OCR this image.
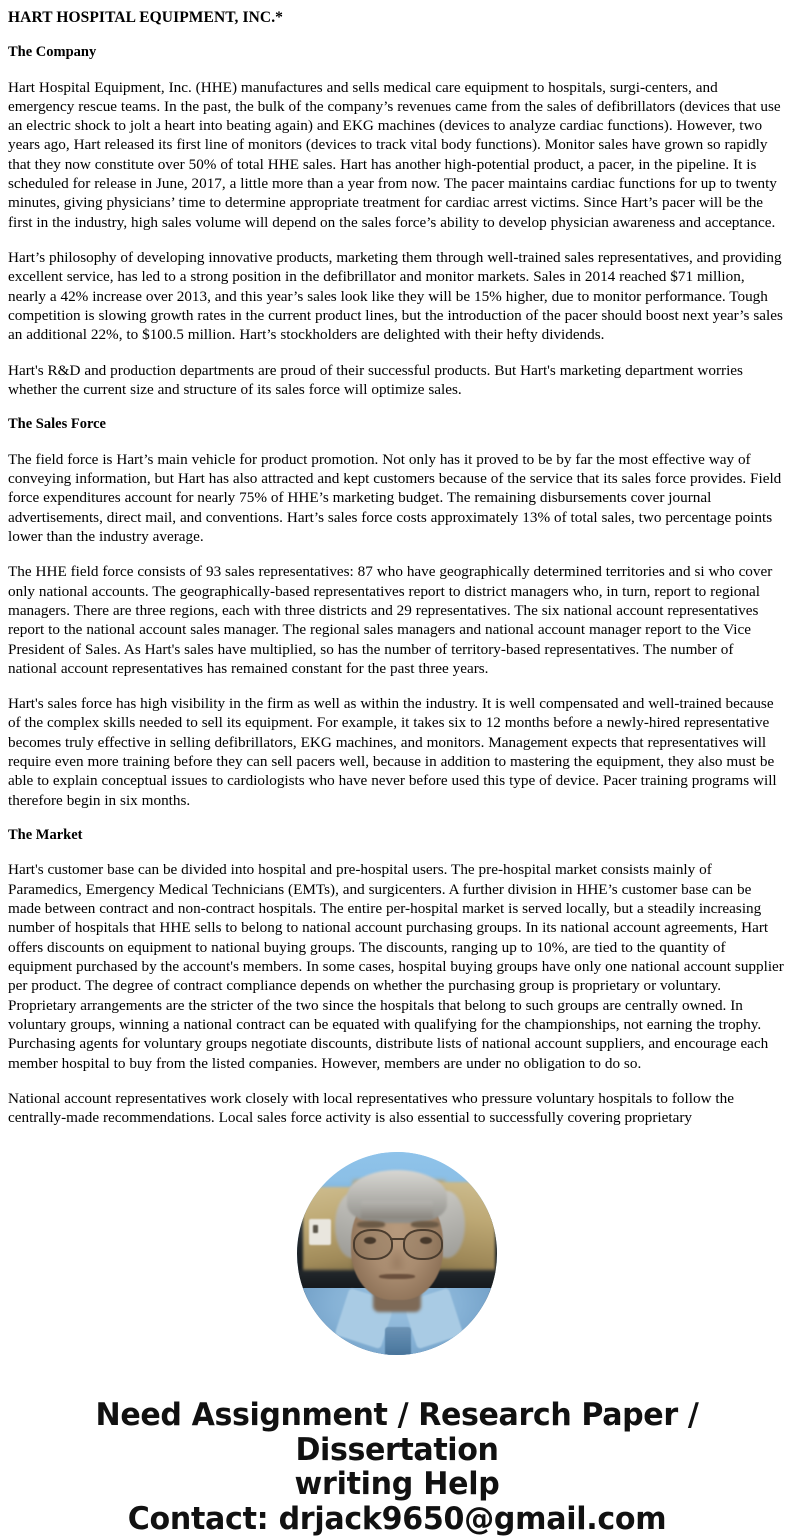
HART HOSPITAL EQUIPMENT, INC.*
The Company

Hart Hospital Equipment, Inc. (HHE) manufactures and sells medical care equipment to hospitals, surgi-centers, and emergency rescue teams. In the past, the bulk of the company’s revenues came from the sales of defibrillators (devices that use an electric shock to jolt a heart into beating again) and EKG machines (devices to analyze cardiac functions). However, two years ago, Hart released its first line of monitors (devices to track vital body functions). Monitor sales have grown so rapidly that they now constitute over 50% of total HHE sales. Hart has another high-potential product, a pacer, in the pipeline. It is scheduled for release in June, 2017, a little more than a year from now. The pacer maintains cardiac functions for up to twenty minutes, giving physicians’ time to determine appropriate treatment for cardiac arrest victims. Since Hart’s pacer will be the first in the industry, high sales volume will depend on the sales force’s ability to develop physician awareness and acceptance.

Hart’s philosophy of developing innovative products, marketing them through well-trained sales representatives, and providing excellent service, has led to a strong position in the defibrillator and monitor markets. Sales in 2014 reached $71 million, nearly a 42% increase over 2013, and this year’s sales look like they will be 15% higher, due to monitor performance. Tough competition is slowing growth rates in the current product lines, but the introduction of the pacer should boost next year’s sales an additional 22%, to $100.5 million. Hart’s stockholders are delighted with their hefty dividends.

Hart's R&D and production departments are proud of their successful products. But Hart's marketing department worries whether the current size and structure of its sales force will optimize sales.

The Sales Force

The field force is Hart’s main vehicle for product promotion. Not only has it proved to be by far the most effective way of conveying information, but Hart has also attracted and kept customers because of the service that its sales force provides. Field force expenditures account for nearly 75% of HHE’s marketing budget. The remaining disbursements cover journal advertisements, direct mail, and conventions. Hart’s sales force costs approximately 13% of total sales, two percentage points lower than the industry average.

The HHE field force consists of 93 sales representatives: 87 who have geographically determined territories and si who cover only national accounts. The geographically-based representatives report to district managers who, in turn, report to regional managers. There are three regions, each with three districts and 29 representatives. The six national account representatives report to the national account sales manager. The regional sales managers and national account manager report to the Vice President of Sales. As Hart's sales have multiplied, so has the number of territory-based representatives. The number of national account representatives has remained constant for the past three years.

Hart's sales force has high visibility in the firm as well as within the industry. It is well compensated and well-trained because of the complex skills needed to sell its equipment. For example, it takes six to 12 months before a newly-hired representative becomes truly effective in selling defibrillators, EKG machines, and monitors. Management expects that representatives will require even more training before they can sell pacers well, because in addition to mastering the equipment, they also must be able to explain conceptual issues to cardiologists who have never before used this type of device. Pacer training programs will therefore begin in six months.

The Market

Hart's customer base can be divided into hospital and pre-hospital users. The pre-hospital market consists mainly of Paramedics, Emergency Medical Technicians (EMTs), and surgicenters. A further division in HHE’s customer base can be made between contract and non-contract hospitals. The entire per-hospital market is served locally, but a steadily increasing number of hospitals that HHE sells to belong to national account purchasing groups. In its national account agreements, Hart offers discounts on equipment to national buying groups. The discounts, ranging up to 10%, are tied to the quantity of equipment purchased by the account's members. In some cases, hospital buying groups have only one national account supplier per product. The degree of contract compliance depends on whether the purchasing group is proprietary or voluntary. Proprietary arrangements are the stricter of the two since the hospitals that belong to such groups are centrally owned. In voluntary groups, winning a national contract can be equated with qualifying for the championships, not earning the trophy. Purchasing agents for voluntary groups negotiate discounts, distribute lists of national account suppliers, and encourage each member hospital to buy from the listed companies. However, members are under no obligation to do so.

National account representatives work closely with local representatives who pressure voluntary hospitals to follow the centrally-made recommendations. Local sales force activity is also essential to successfully covering proprietary

Need Assignment / Research Paper / Dissertation
writing Help
Contact: drjack9650@gmail.com
